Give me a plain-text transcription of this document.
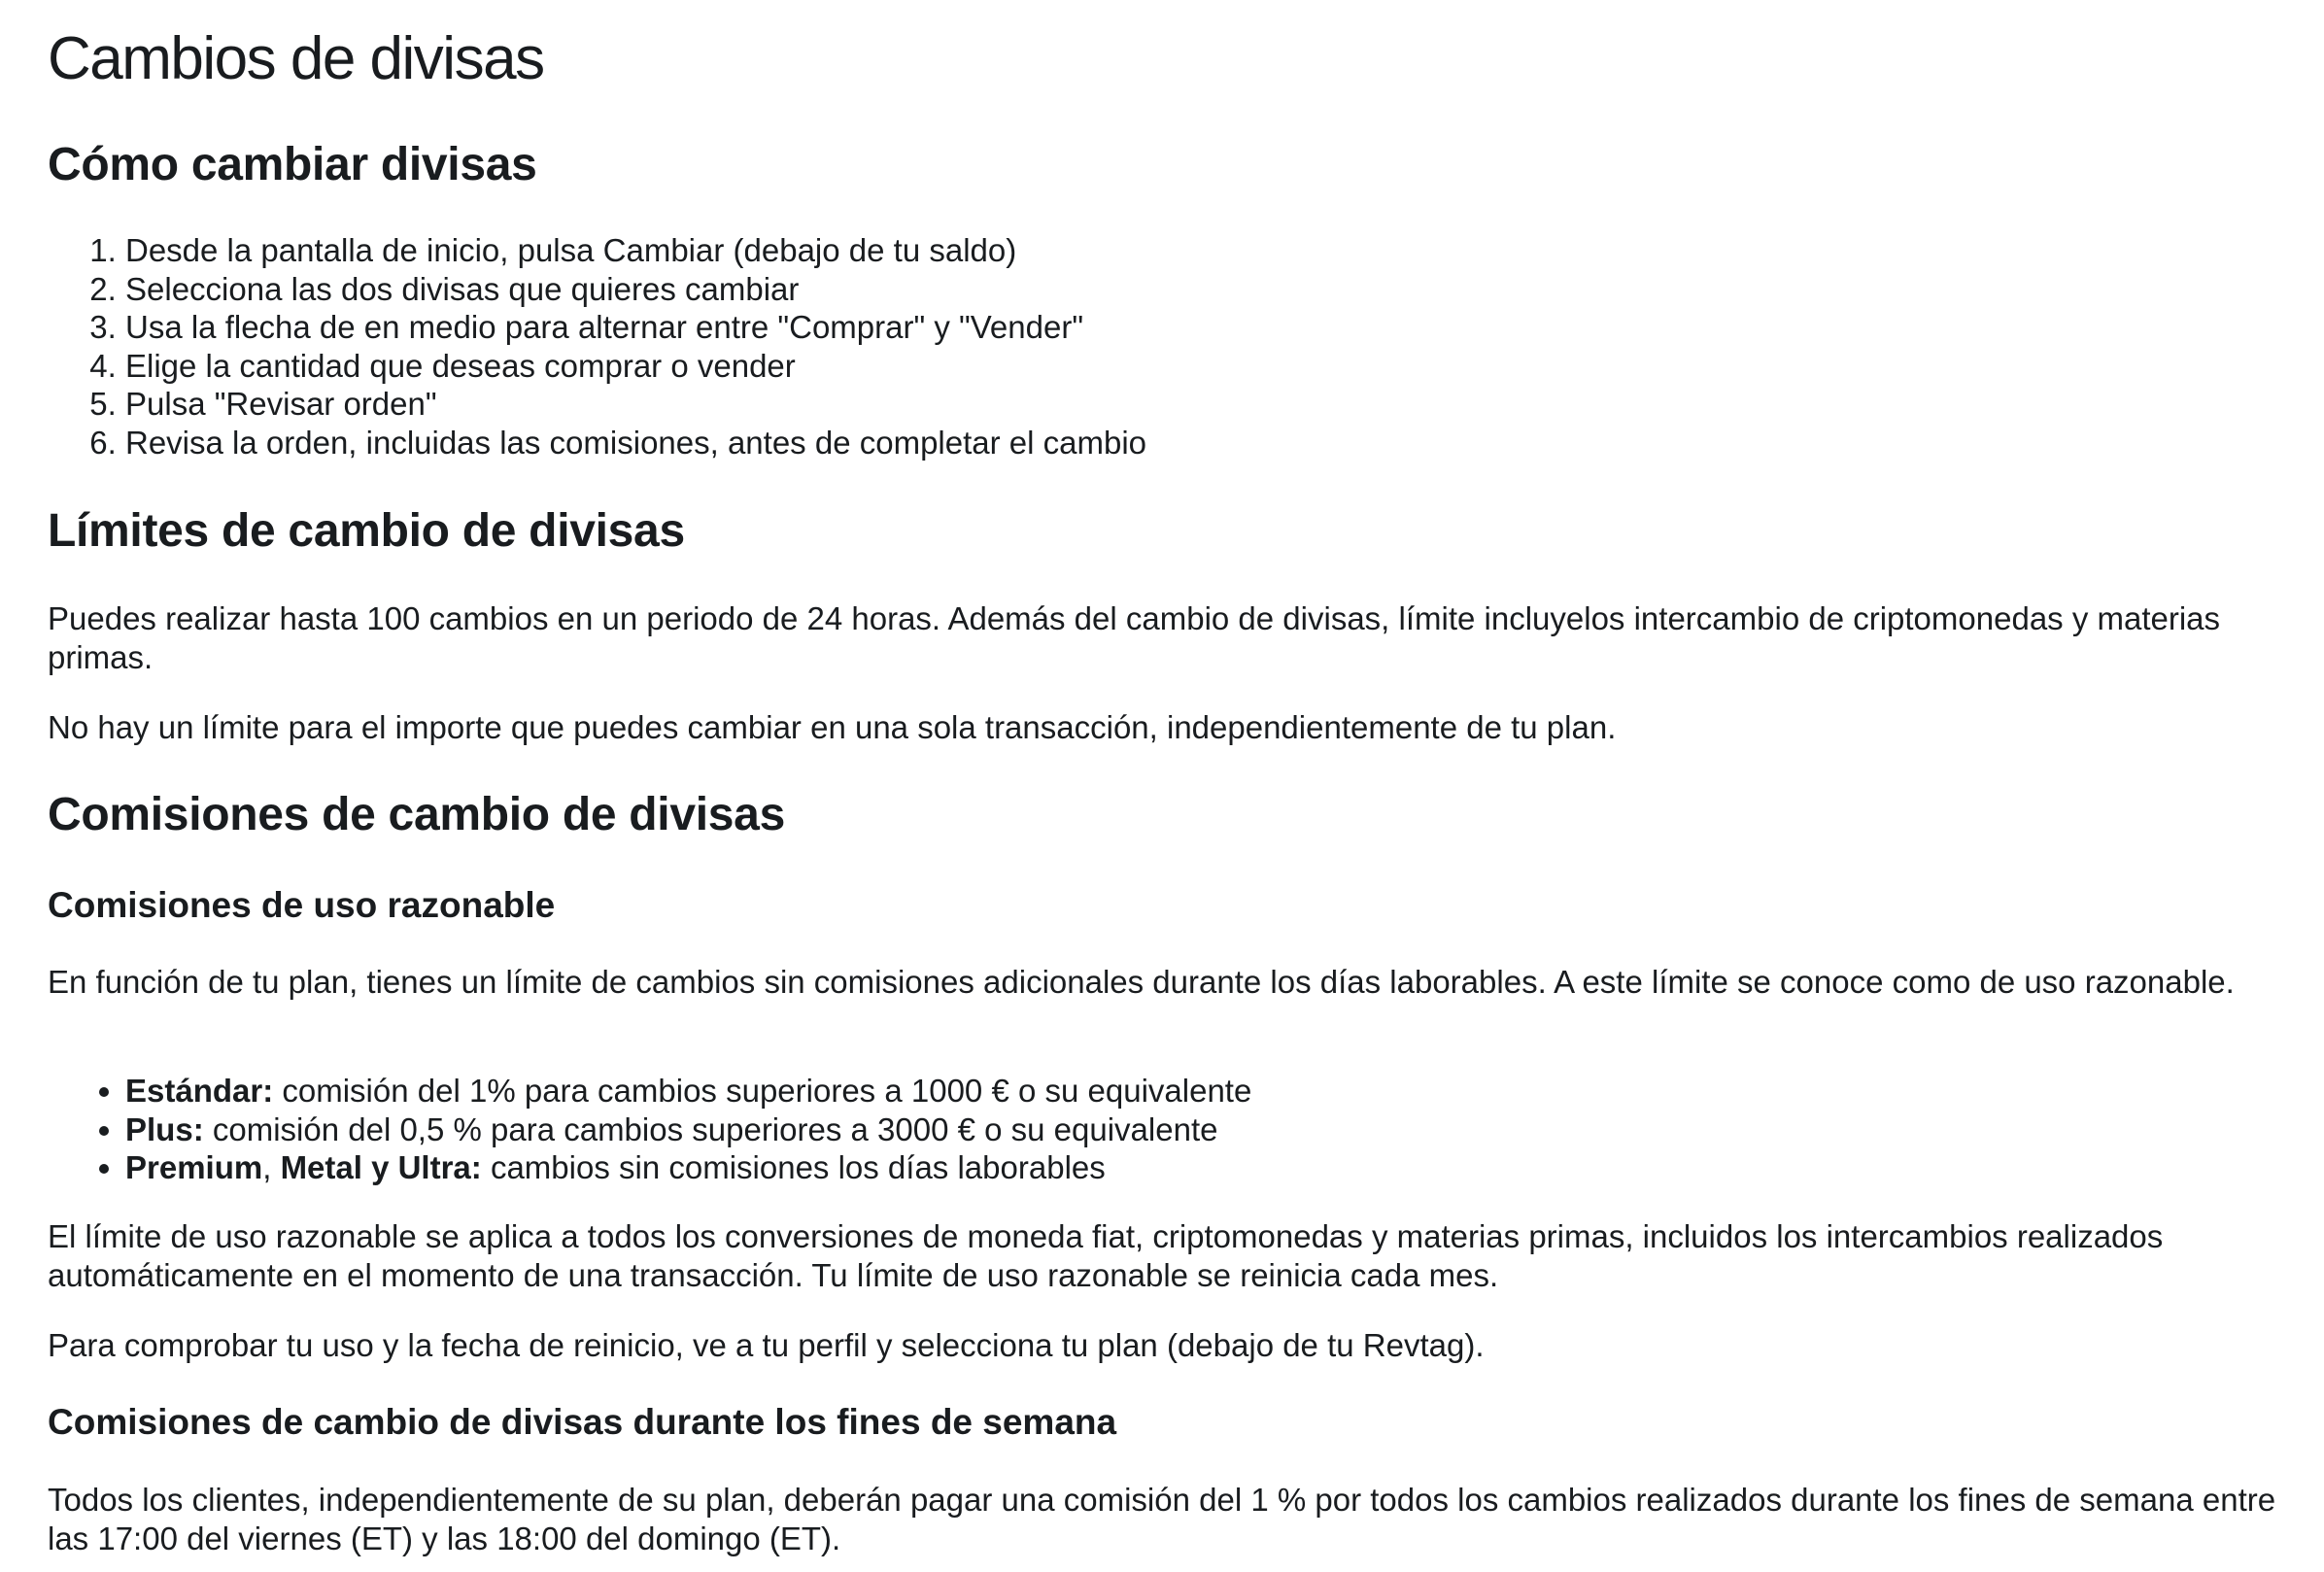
Cambios de divisas
Cómo cambiar divisas
1. Desde la pantalla de inicio, pulsa Cambiar (debajo de tu saldo)
2. Selecciona las dos divisas que quieres cambiar
3. Usa la flecha de en medio para alternar entre "Comprar" y "Vender"
4. Elige la cantidad que deseas comprar o vender
5. Pulsa "Revisar orden"
6. Revisa la orden, incluidas las comisiones, antes de completar el cambio
Límites de cambio de divisas

Puedes realizar hasta 100 cambios en un periodo de 24 horas. Además del cambio de divisas, límite incluyelos intercambio de criptomonedas y materias primas.

No hay un límite para el importe que puedes cambiar en una sola transacción, independientemente de tu plan.

Comisiones de cambio de divisas
Comisiones de uso razonable

En función de tu plan, tienes un límite de cambios sin comisiones adicionales durante los días laborables. A este límite se conoce como de uso razonable.

• Estándar: comisión del 1% para cambios superiores a 1000 € o su equivalente
• Plus: comisión del 0,5 % para cambios superiores a 3000 € o su equivalente
• Premium, Metal y Ultra: cambios sin comisiones los días laborables

El límite de uso razonable se aplica a todos los conversiones de moneda fiat, criptomonedas y materias primas, incluidos los intercambios realizados automáticamente en el momento de una transacción. Tu límite de uso razonable se reinicia cada mes.

Para comprobar tu uso y la fecha de reinicio, ve a tu perfil y selecciona tu plan (debajo de tu Revtag).

Comisiones de cambio de divisas durante los fines de semana

Todos los clientes, independientemente de su plan, deberán pagar una comisión del 1 % por todos los cambios realizados durante los fines de semana entre las 17:00 del viernes (ET) y las 18:00 del domingo (ET).
